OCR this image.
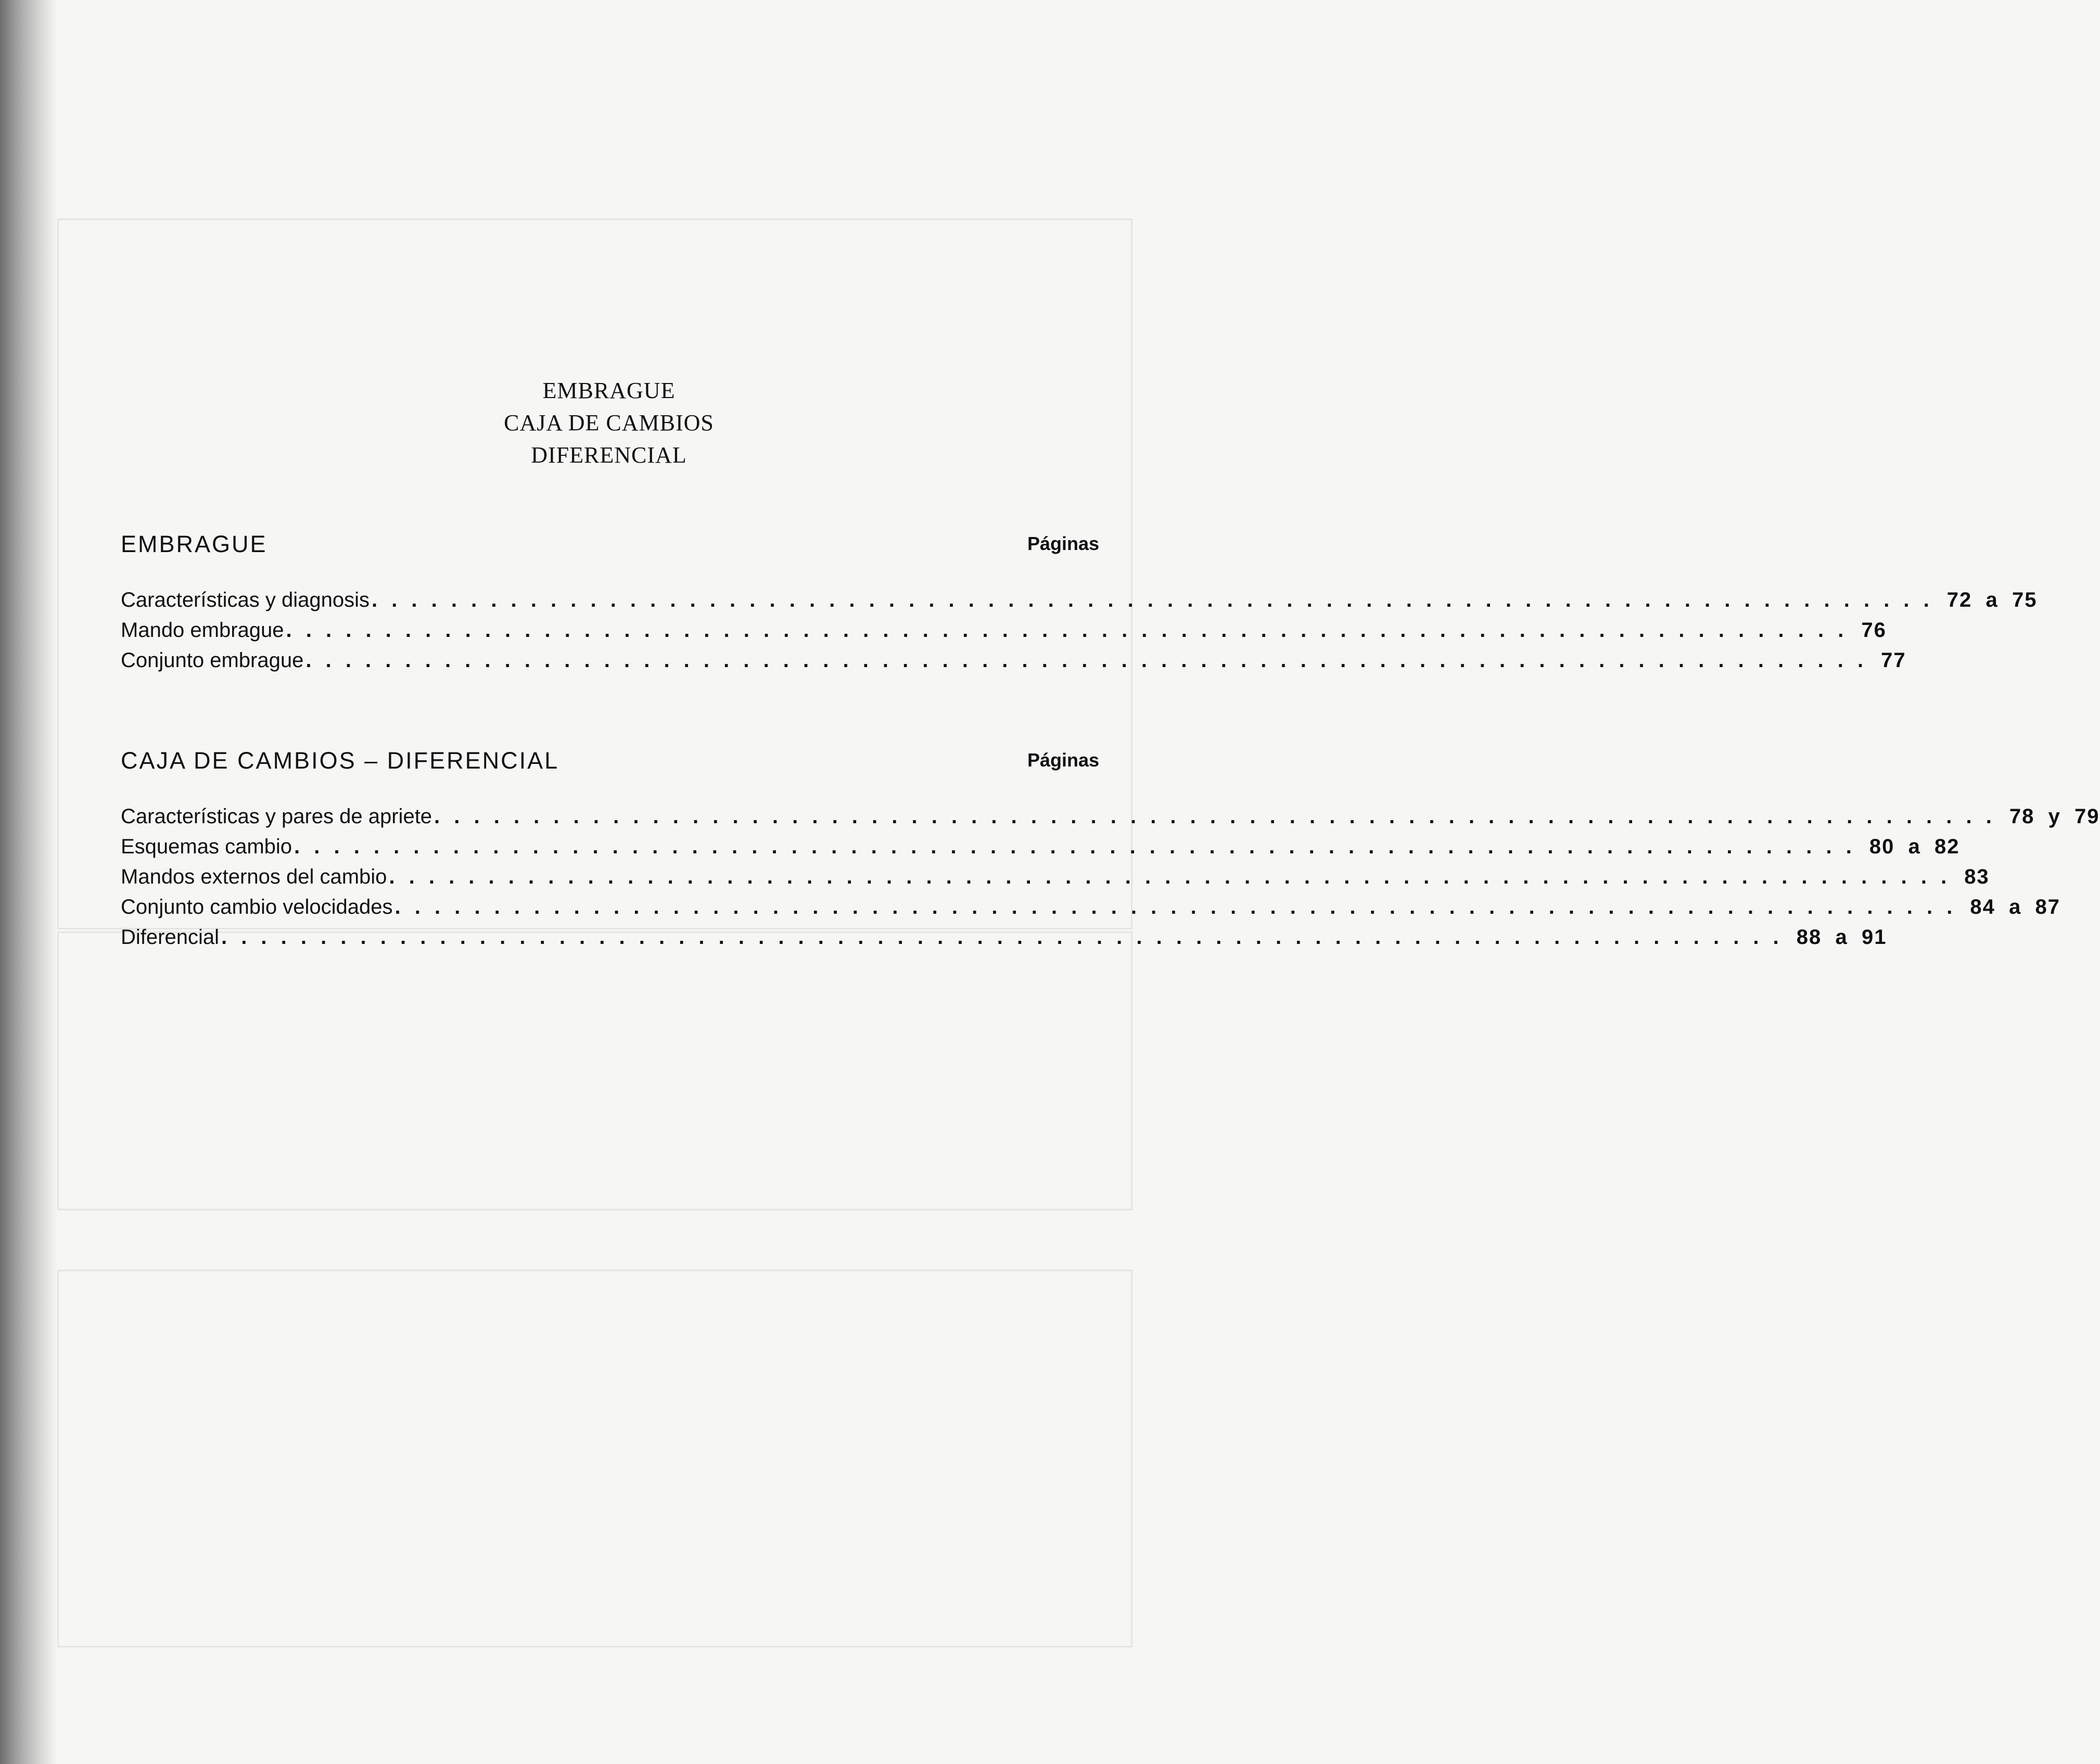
EMBRAGUE
CAJA DE CAMBIOS
DIFERENCIAL
EMBRAGUE	Páginas
Características y diagnosis . . . . . . . . . . . . . . . . . . . . . . . . . . . . . . . . . . . . . . . . . . . . . . . . . . . . . . . . . . . . . . . . . . . . . . . . . . . . . . . 72  a  75
Mando embrague . . . . . . . . . . . . . . . . . . . . . . . . . . . . . . . . . . . . . . . . . . . . . . . . . . . . . . . . . . . . . . . . . . . . . . . . . . . . . . . 76
Conjunto embrague . . . . . . . . . . . . . . . . . . . . . . . . . . . . . . . . . . . . . . . . . . . . . . . . . . . . . . . . . . . . . . . . . . . . . . . . . . . . . . . 77
CAJA DE CAMBIOS – DIFERENCIAL	Páginas
Características y pares de apriete . . . . . . . . . . . . . . . . . . . . . . . . . . . . . . . . . . . . . . . . . . . . . . . . . . . . . . . . . . . . . . . . . . . . . . . . . . . . . . . 78  y  79
Esquemas cambio . . . . . . . . . . . . . . . . . . . . . . . . . . . . . . . . . . . . . . . . . . . . . . . . . . . . . . . . . . . . . . . . . . . . . . . . . . . . . . . 80  a  82
Mandos externos del cambio . . . . . . . . . . . . . . . . . . . . . . . . . . . . . . . . . . . . . . . . . . . . . . . . . . . . . . . . . . . . . . . . . . . . . . . . . . . . . . . 83
Conjunto cambio velocidades . . . . . . . . . . . . . . . . . . . . . . . . . . . . . . . . . . . . . . . . . . . . . . . . . . . . . . . . . . . . . . . . . . . . . . . . . . . . . . . 84  a  87
Diferencial . . . . . . . . . . . . . . . . . . . . . . . . . . . . . . . . . . . . . . . . . . . . . . . . . . . . . . . . . . . . . . . . . . . . . . . . . . . . . . . 88  a  91
